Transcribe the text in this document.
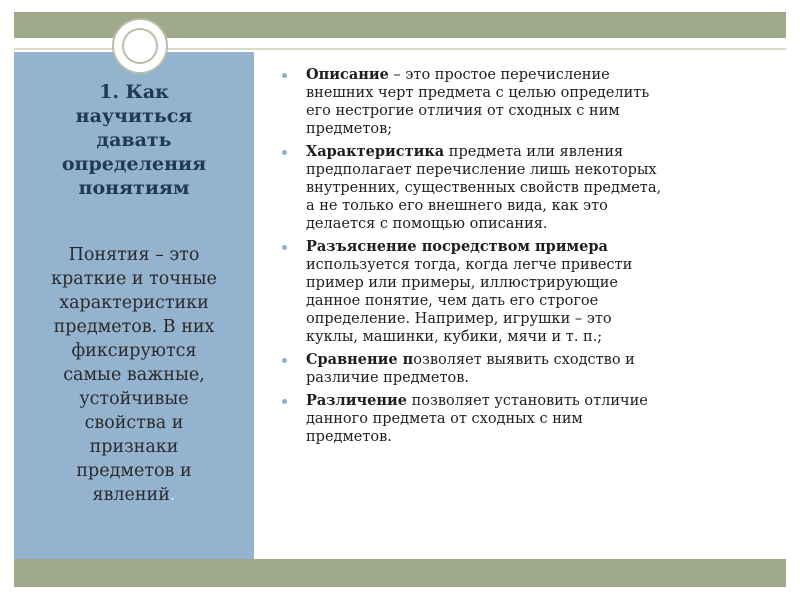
1. Как
научиться
давать
определения
понятиям

Понятия – это
краткие и точные
характеристики
предметов. В них
фиксируются
самые важные,
устойчивые
свойства и
признаки
предметов и
явлений.

Описание – это простое перечисление
внешних черт предмета с целью определить
его нестрогие отличия от сходных с ним
предметов;
Характеристика предмета или явления
предполагает перечисление лишь некоторых
внутренних, существенных свойств предмета,
а не только его внешнего вида, как это
делается с помощью описания.
Разъяснение посредством примера
используется тогда, когда легче привести
пример или примеры, иллюстрирующие
данное понятие, чем дать его строгое
определение. Например, игрушки – это
куклы, машинки, кубики, мячи и т. п.;
Сравнение позволяет выявить сходство и
различие предметов.
Различение позволяет установить отличие
данного предмета от сходных с ним
предметов.
